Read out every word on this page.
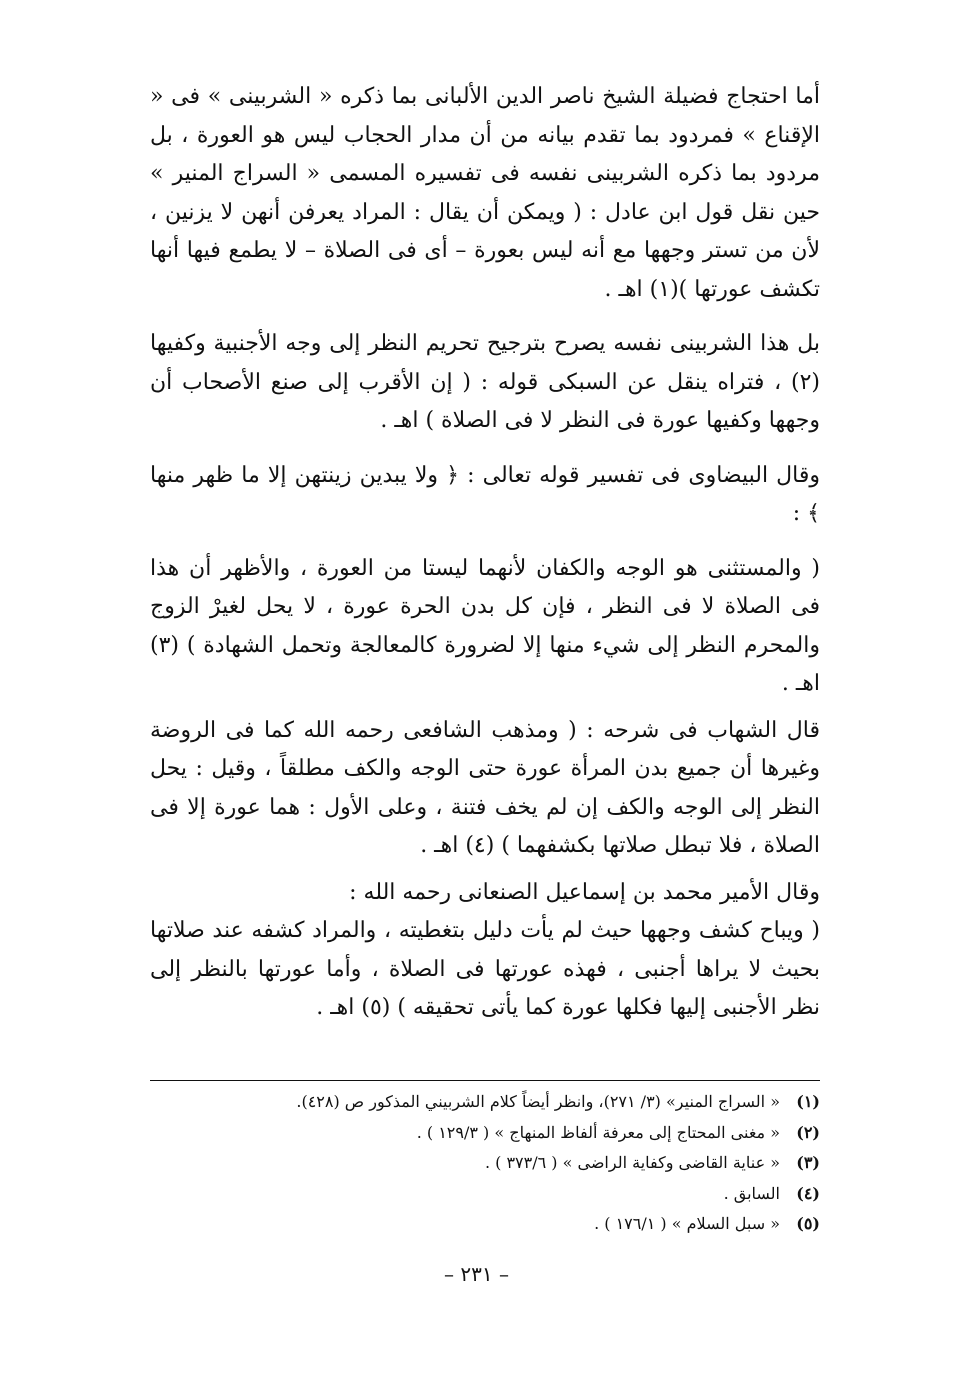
أما احتجاج فضيلة الشيخ ناصر الدين الألبانى بما ذكره « الشربينى » فى « الإقناع » فمردود بما تقدم بيانه من أن مدار الحجاب ليس هو العورة ، بل مردود بما ذكره الشربينى نفسه فى تفسيره المسمى « السراج المنير » حين نقل قول ابن عادل : ( ويمكن أن يقال : المراد يعرفن أنهن لا يزنين ، لأن من تستر وجهها مع أنه ليس بعورة – أى فى الصلاة – لا يطمع فيها أنها تكشف عورتها )(١) اهـ .

بل هذا الشربينى نفسه يصرح بترجيح تحريم النظر إلى وجه الأجنبية وكفيها (٢) ، فتراه ينقل عن السبكى قوله : ( إن الأقرب إلى صنع الأصحاب أن وجهها وكفيها عورة فى النظر لا فى الصلاة ) اهـ .

وقال البيضاوى فى تفسير قوله تعالى : ﴿ ولا يبدين زينتهن إلا ما ظهر منها ﴾ :

( والمستثنى هو الوجه والكفان لأنهما ليستا من العورة ، والأظهر أن هذا فى الصلاة لا فى النظر ، فإن كل بدن الحرة عورة ، لا يحل لغيرْ الزوج والمحرم النظر إلى شيء منها إلا لضرورة كالمعالجة وتحمل الشهادة ) (٣) اهـ .

قال الشهاب فى شرحه : ( ومذهب الشافعى رحمه الله كما فى الروضة وغيرها أن جميع بدن المرأة عورة حتى الوجه والكف مطلقاً ، وقيل : يحل النظر إلى الوجه والكف إن لم يخف فتنة ، وعلى الأول : هما عورة إلا فى الصلاة ، فلا تبطل صلاتها بكشفهما ) (٤) اهـ .

وقال الأمير محمد بن إسماعيل الصنعانى رحمه الله :

( ويباح كشف وجهها حيث لم يأت دليل بتغطيته ، والمراد كشفه عند صلاتها بحيث لا يراها أجنبى ، فهذه عورتها فى الصلاة ، وأما عورتها بالنظر إلى نظر الأجنبى إليها فكلها عورة كما يأتى تحقيقه ) (٥) اهـ .

(١)
« السراج المنير» (٣/ ٢٧١)، وانظر أيضاً كلام الشربيني المذكور ص (٤٢٨).
(٢)
« مغنى المحتاج إلى معرفة ألفاظ المنهاج » ( ١٢٩/٣ ) .
(٣)
« عناية القاضى وكفاية الراضى » ( ٣٧٣/٦ ) .
(٤)
السابق .
(٥)
« سبل السلام » ( ١٧٦/١ ) .
– ٢٣١ –
